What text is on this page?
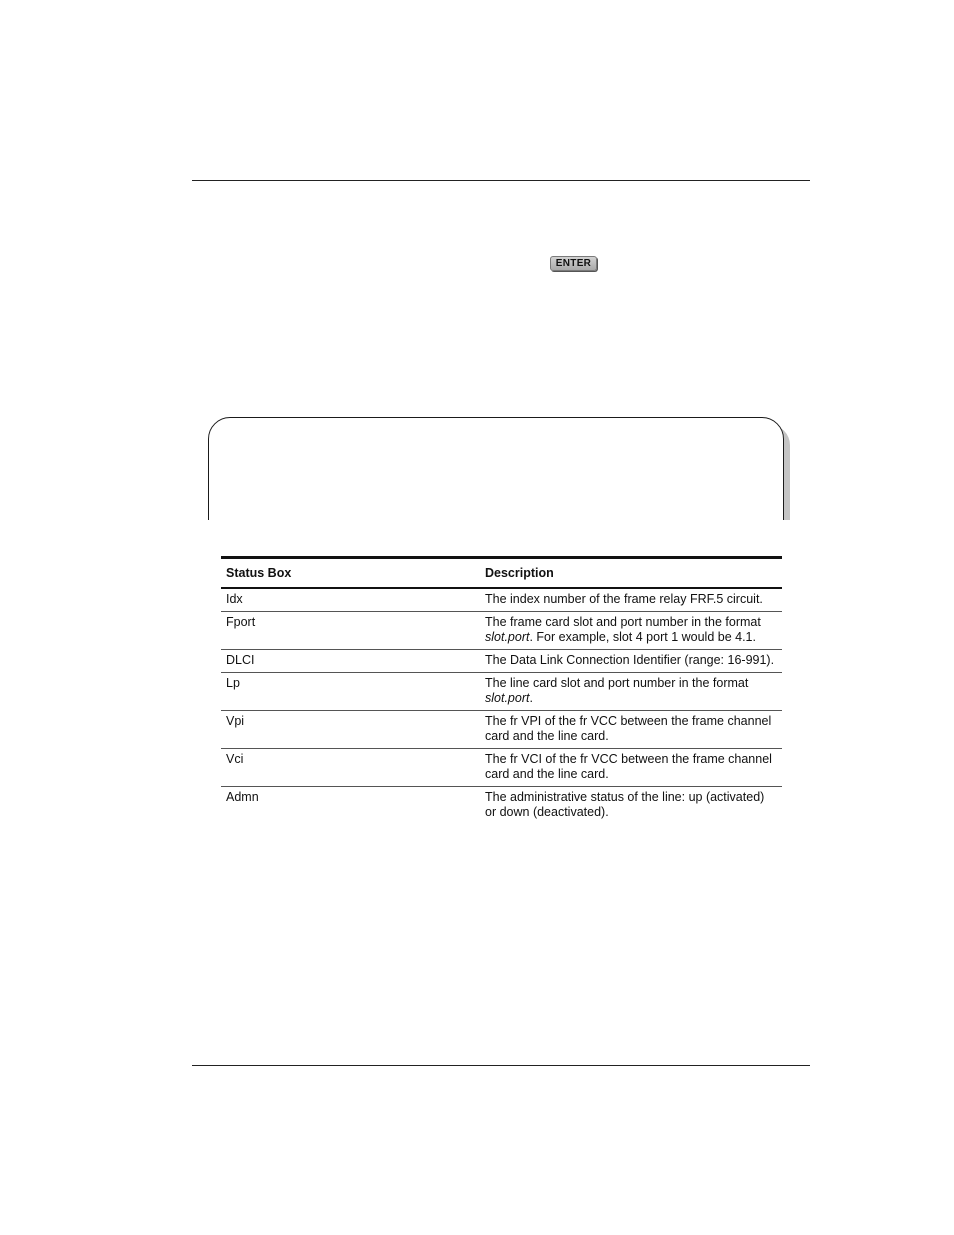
ENTER
Status Box	Description
Idx	The index number of the frame relay FRF.5 circuit.
Fport	The frame card slot and port number in the format slot.port. For example, slot 4 port 1 would be 4.1.
DLCI	The Data Link Connection Identifier (range: 16-991).
Lp	The line card slot and port number in the format slot.port.
Vpi	The fr VPI of the fr VCC between the frame channel card and the line card.
Vci	The fr VCI of the fr VCC between the frame channel card and the line card.
Admn	The administrative status of the line: up (activated) or down (deactivated).
